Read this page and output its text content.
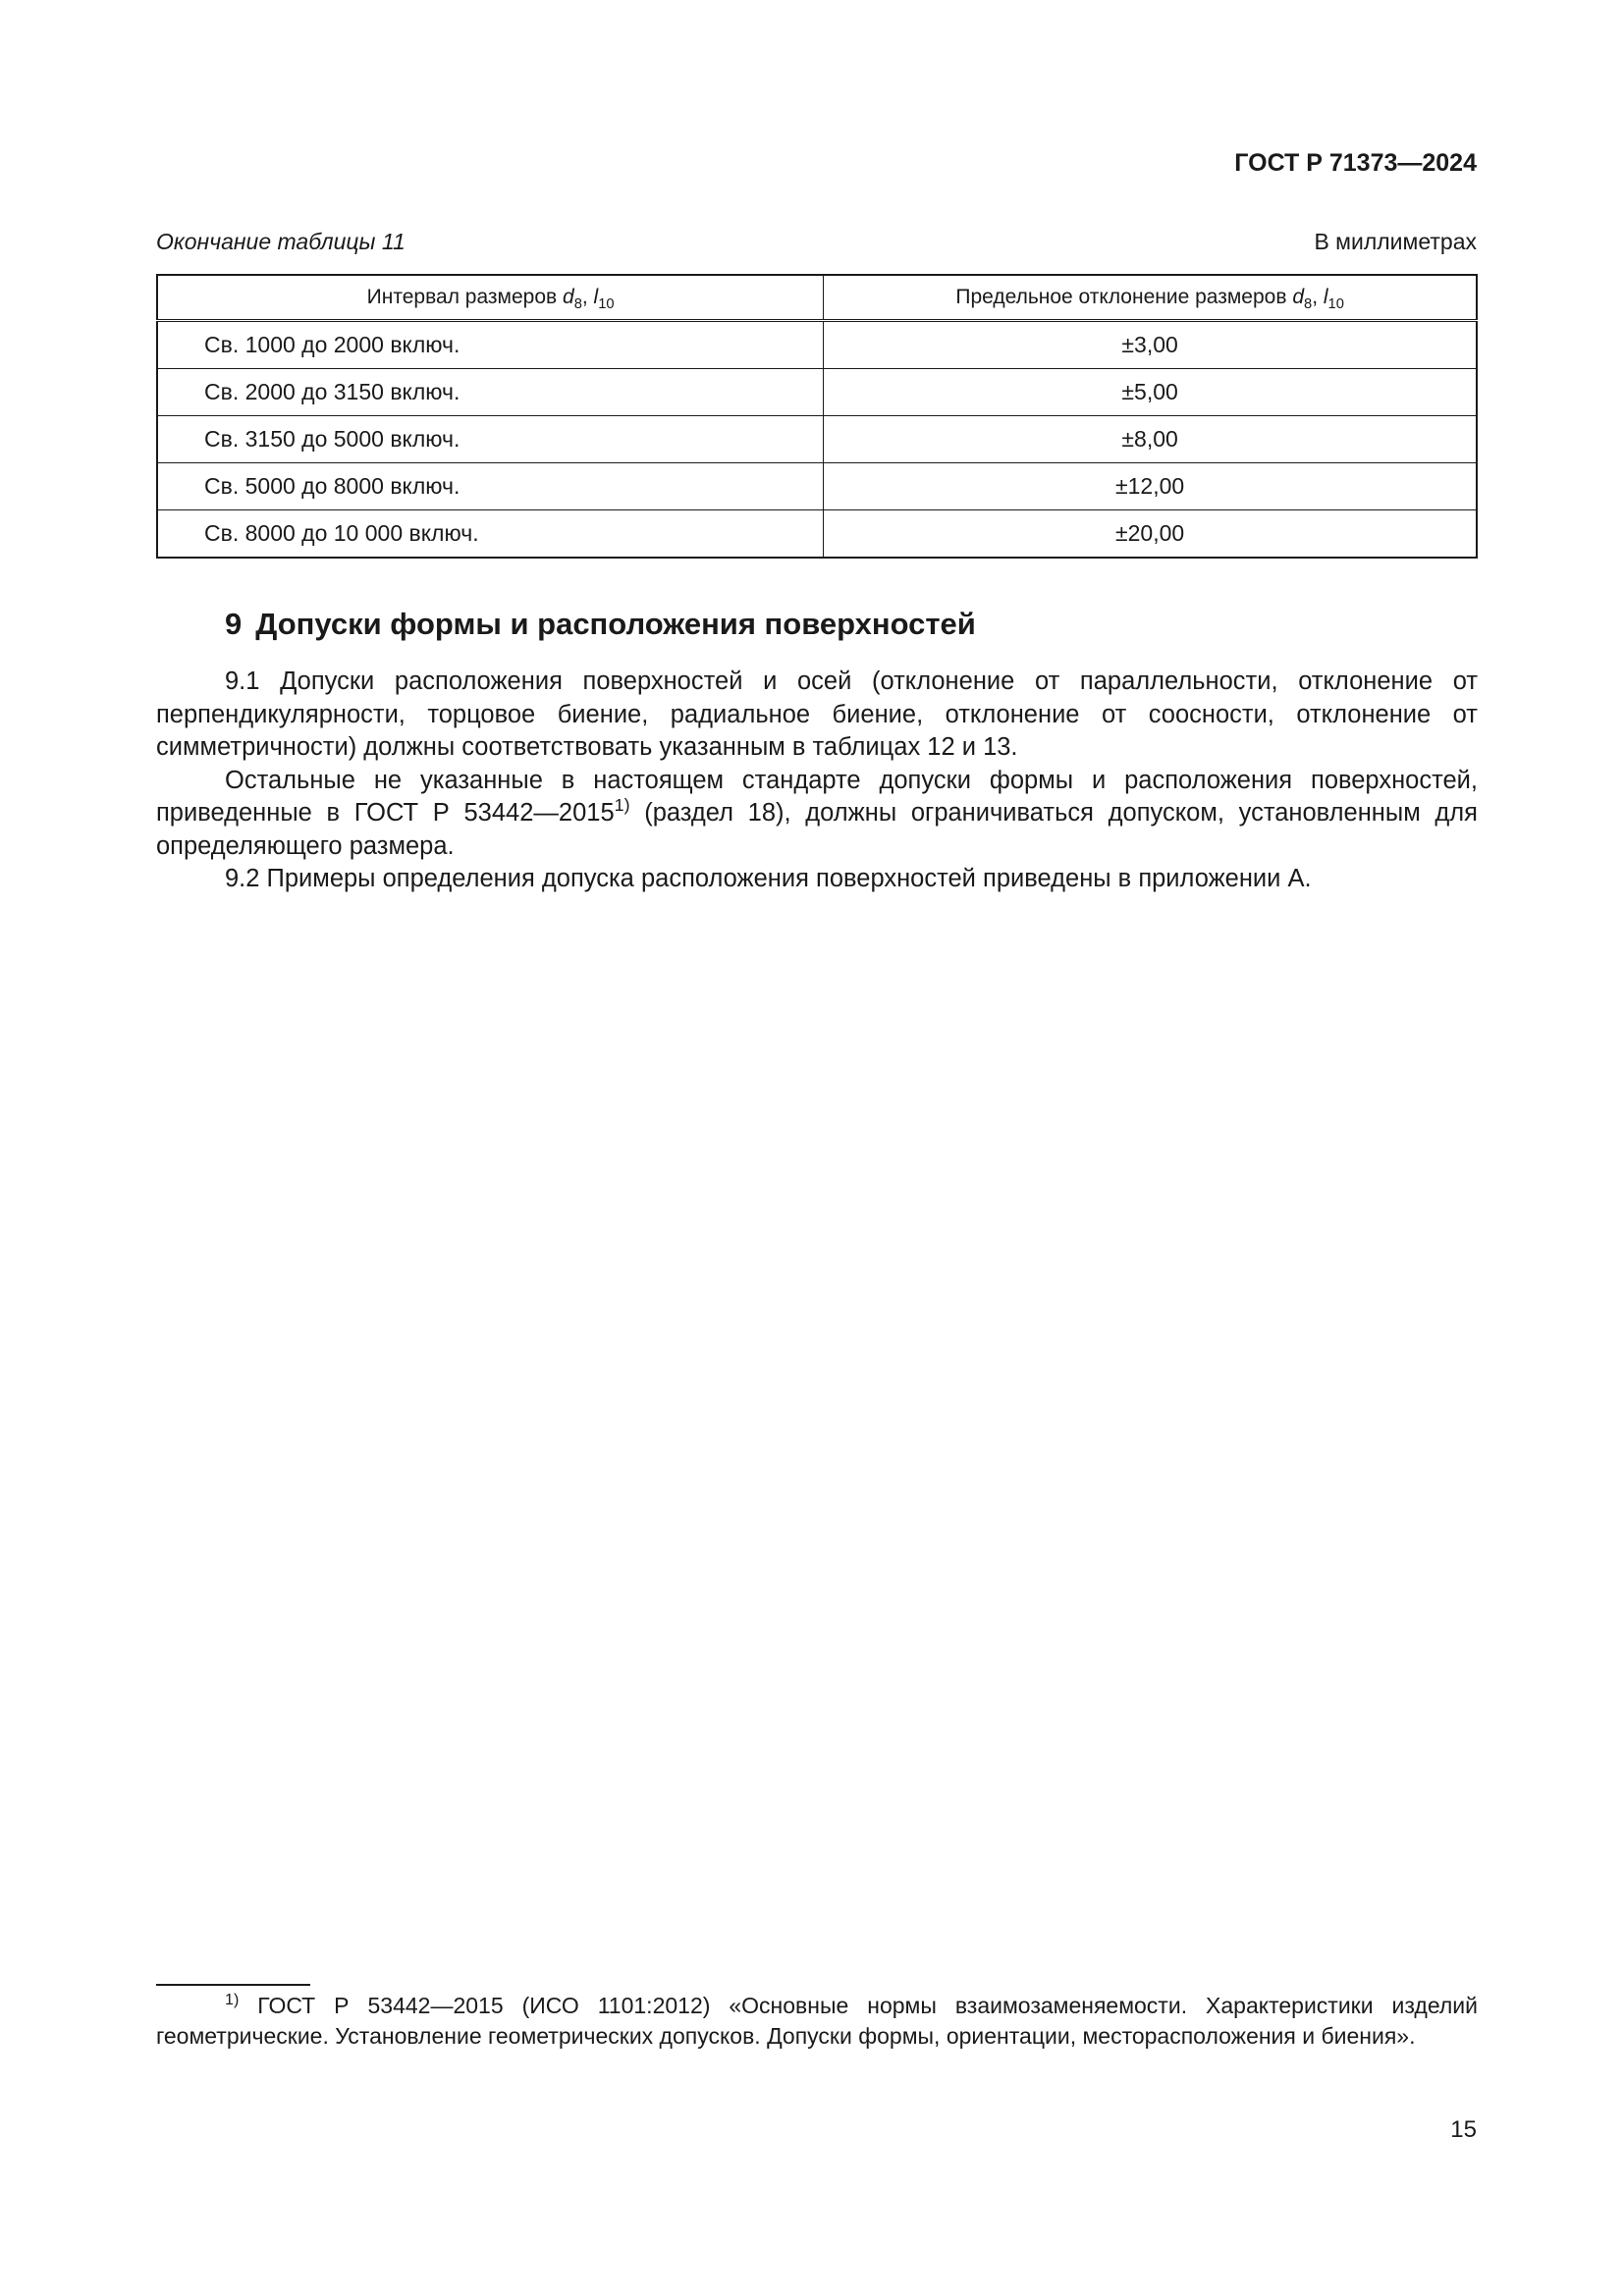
ГОСТ Р 71373—2024
Окончание таблицы 11	В миллиметрах
Интервал размеров $d_8$, $l_{10}$	Предельное отклонение размеров $d_8$, $l_{10}$
Св. 1000 до 2000 включ.	±3,00
Св. 2000 до 3150 включ.	±5,00
Св. 3150 до 5000 включ.	±8,00
Св. 5000 до 8000 включ.	±12,00
Св. 8000 до 10 000 включ.	±20,00
9 Допуски формы и расположения поверхностей

9.1 Допуски расположения поверхностей и осей (отклонение от параллельности, отклонение от перпендикулярности, торцовое биение, радиальное биение, отклонение от соосности, отклонение от симметричности) должны соответствовать указанным в таблицах 12 и 13.

Остальные не указанные в настоящем стандарте допуски формы и расположения поверхностей, приведенные в ГОСТ Р 53442—2015$^{1)}$ (раздел 18), должны ограничиваться допуском, установленным для определяющего размера.

9.2 Примеры определения допуска расположения поверхностей приведены в приложении А.

$^{1)}$ ГОСТ Р 53442—2015 (ИСО 1101:2012) «Основные нормы взаимозаменяемости. Характеристики изделий геометрические. Установление геометрических допусков. Допуски формы, ориентации, месторасположения и биения».

15
